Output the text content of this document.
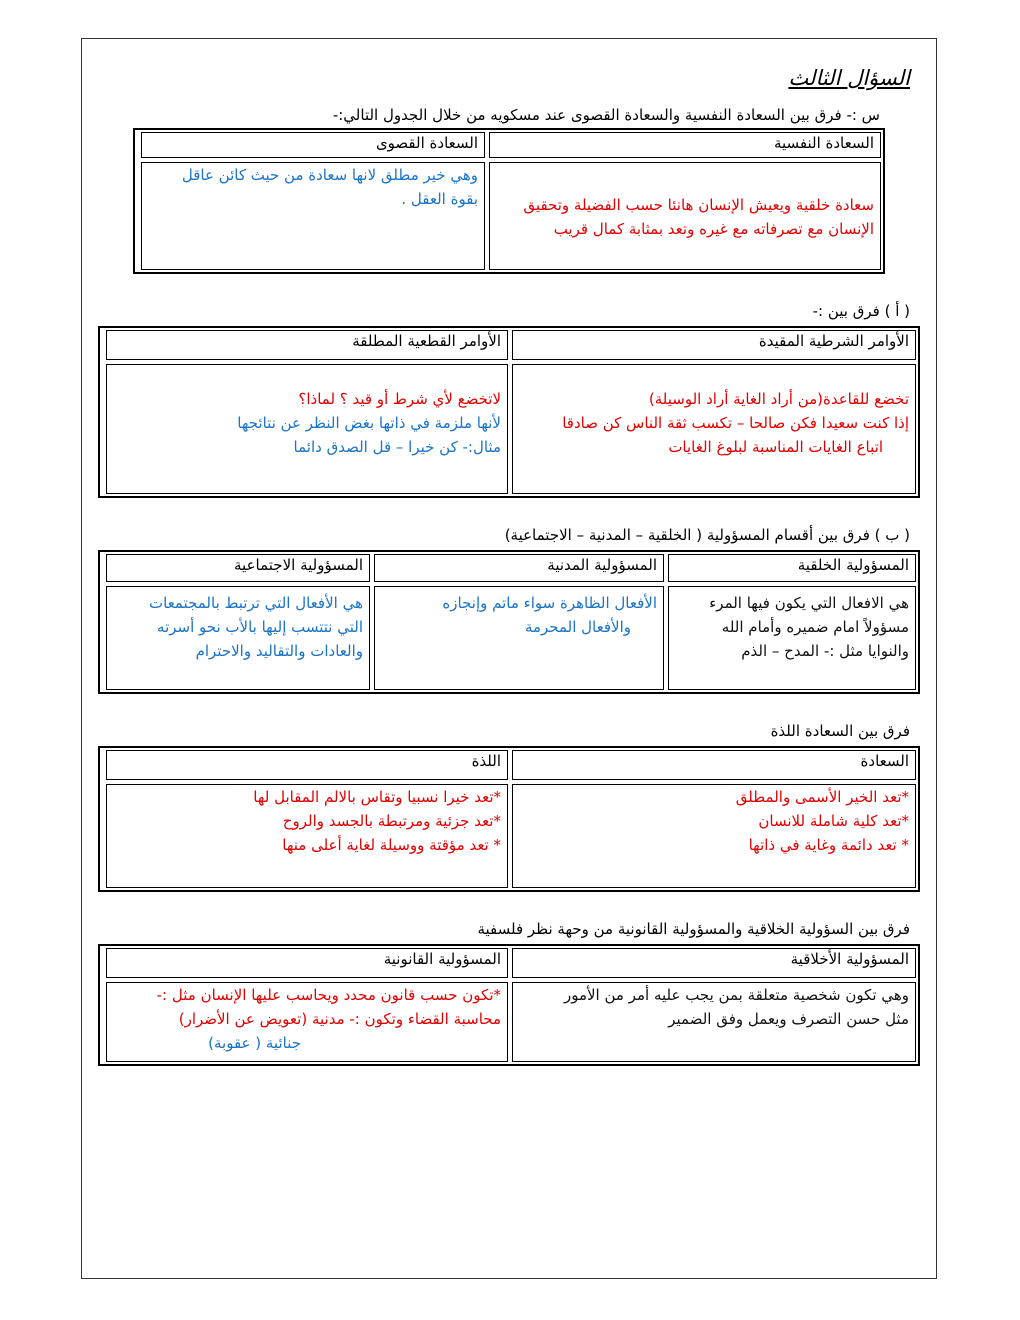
السؤال الثالث
س :- فرق بين السعادة النفسية والسعادة القصوى عند مسكويه من خلال الجدول التالي:-
السعادة النفسية
السعادة القصوى
سعادة خلقية ويعيش الإنسان هانئا حسب الفضيلة وتحقيق
الإنسان مع تصرفاته مع غيره وتعد بمثابة كمال قريب
وهي خير مطلق لانها سعادة من حيث كائن عاقل
بقوة العقل .
( أ ) فرق بين :-
الأوامر الشرطية المقيدة
الأوامر القطعية المطلقة
تخضع للقاعدة(من أراد الغاية أراد الوسيلة)
إذا كنت سعيدا فكن صالحا – تكسب ثقة الناس كن صادقا
اتباع الغايات المناسبة لبلوغ الغايات
لاتخضع لأي شرط أو قيد ؟ لماذا؟
لأنها ملزمة في ذاتها بغض النظر عن نتائجها
مثال:- كن خيرا – قل الصدق دائما
( ب ) فرق بين أقسام المسؤولية ( الخلقية – المدنية – الاجتماعية)
المسؤولية الخلقية
المسؤولية المدنية
المسؤولية الاجتماعية
هي الافعال التي يكون فيها المرء
مسؤولاً امام ضميره وأمام الله
والنوايا مثل :- المدح – الذم
الأفعال الظاهرة سواء ماتم وإنجازه
والأفعال المحرمة
هي الأفعال التي ترتبط بالمجتمعات
التي نتتسب إليها بالأب نحو أسرته
والعادات والتقاليد والاحترام
فرق بين السعادة اللذة
السعادة
اللذة
*تعد الخير الأسمى والمطلق
*تعد كلية شاملة للانسان
* تعد دائمة وغاية في ذاتها
*تعد خيرا نسبيا وتقاس بالالم المقابل لها
*تعد جزئية ومرتبطة بالجسد والروح
* تعد مؤقتة ووسيلة لغاية أعلى منها
فرق بين السؤولية الخلاقية والمسؤولية القانونية من وحهة نظر فلسفية
المسؤولية الأخلاقية
المسؤولية القانونية
وهي تكون شخصية متعلقة بمن يجب عليه أمر من الأمور
مثل حسن التصرف ويعمل وفق الضمير
*تكون حسب قانون محدد ويحاسب عليها الإنسان مثل :-
محاسبة القضاء وتكون :- مدنية (تعويض عن الأضرار)
جنائية ( عقوبة)
